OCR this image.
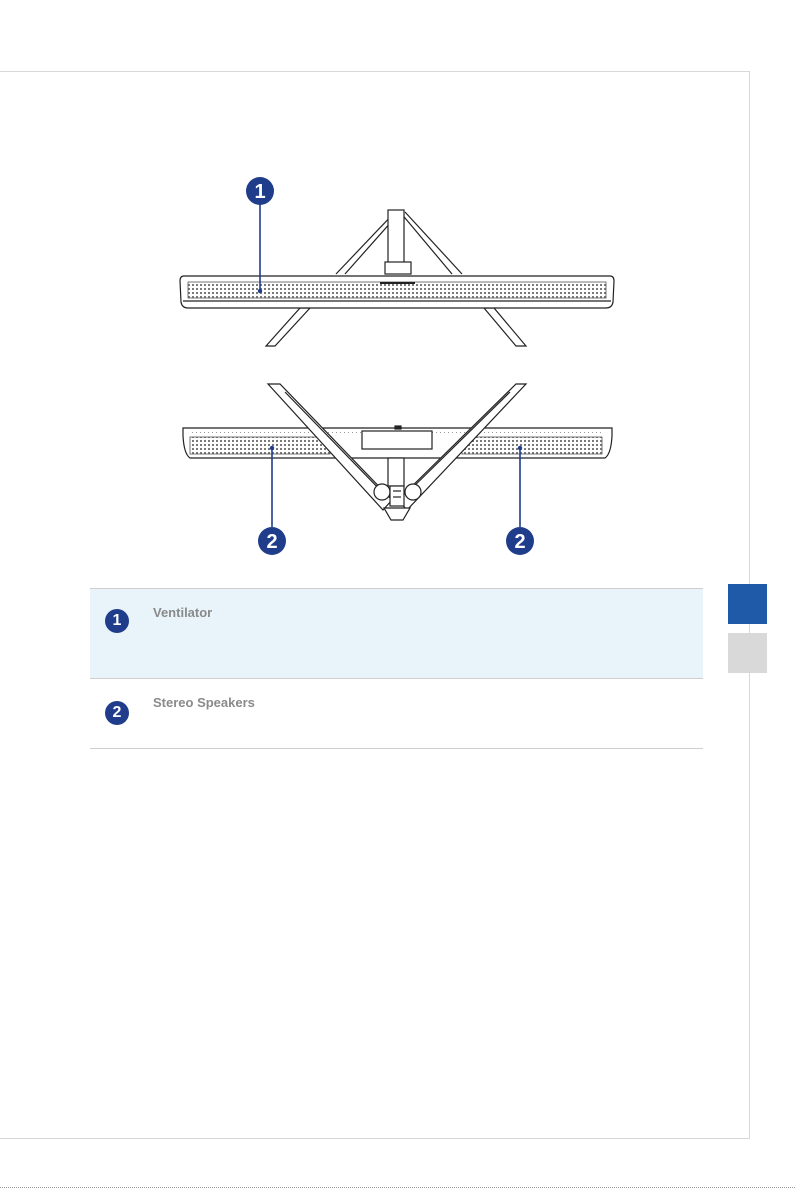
1
2	2
1	Ventilator
2
Stereo Speakers
